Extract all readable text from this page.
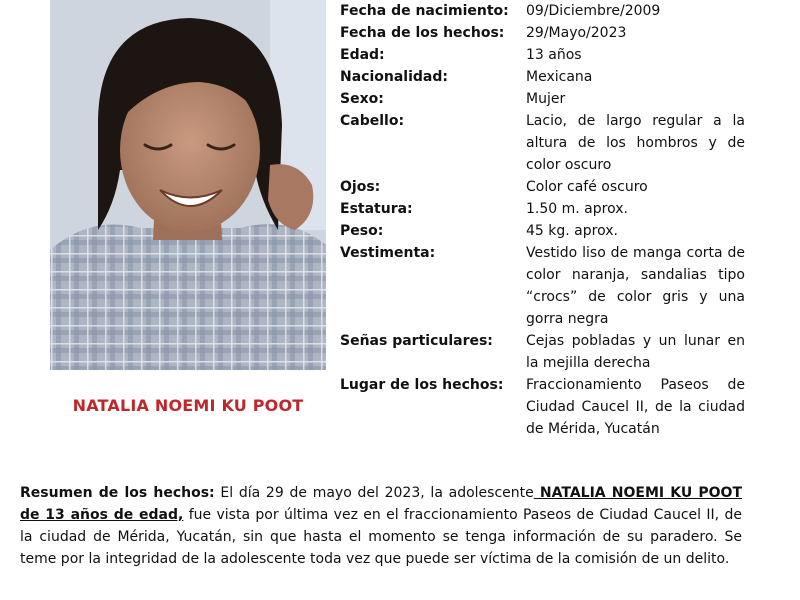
NATALIA NOEMI KU POOT
Fecha de nacimiento:	09/Diciembre/2009
Fecha de los hechos:	29/Mayo/2023
Edad:	13 años
Nacionalidad:	Mexicana
Sexo:	Mujer
Cabello:	Lacio, de largo regular a la altura de los hombros y de color oscuro
Ojos:	Color café oscuro
Estatura:	1.50 m. aprox.
Peso:	45 kg. aprox.
Vestimenta:	Vestido liso de manga corta de color naranja, sandalias tipo “crocs” de color gris y una gorra negra
Señas particulares:	Cejas pobladas y un lunar en la mejilla derecha
Lugar de los hechos:	Fraccionamiento Paseos de Ciudad Caucel II, de la ciudad de Mérida, Yucatán

Resumen de los hechos: El día 29 de mayo del 2023, la adolescente NATALIA NOEMI KU POOT de 13 años de edad, fue vista por última vez en el fraccionamiento Paseos de Ciudad Caucel II, de la ciudad de Mérida, Yucatán, sin que hasta el momento se tenga información de su paradero. Se teme por la integridad de la adolescente toda vez que puede ser víctima de la comisión de un delito.
